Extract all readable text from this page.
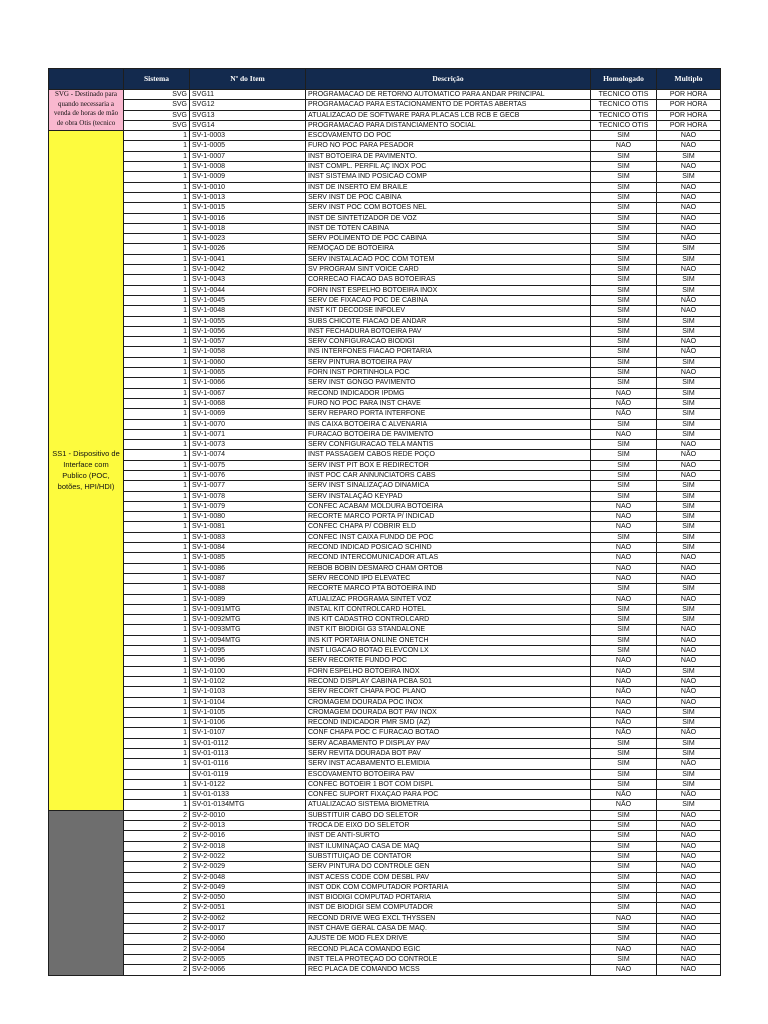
	Sistema	Nº do Item	Descrição	Homologado	Multiplo

SVG - Destinado para quando necessaria a venda de horas de mão de obra Otis (tecnico	SVG	SVG11	PROGRAMACAO DE RETORNO AUTOMATICO PARA ANDAR PRINCIPAL	TECNICO OTIS	POR HORA
	SVG	SVG12	PROGRAMACAO PARA ESTACIONAMENTO DE PORTAS ABERTAS	TECNICO OTIS	POR HORA
	SVG	SVG13	ATUALIZACAO DE SOFTWARE PARA PLACAS LCB RCB E GECB	TECNICO OTIS	POR HORA
	SVG	SVG14	PROGRAMACAO PARA DISTANCIAMENTO SOCIAL	TECNICO OTIS	POR HORA

SS1 - Dispositivo de Interface com Publico (POC, botões, HPI/HDI)	1	SV-1-0003	ESCOVAMENTO DO POC	SIM	NAO
	1	SV-1-0005	FURO NO POC PARA PESADOR	NAO	NAO
	1	SV-1-0007	INST BOTOEIRA DE PAVIMENTO.	SIM	SIM
	1	SV-1-0008	INST COMPL. PERFIL AÇ INOX POC	SIM	NAO
	1	SV-1-0009	INST SISTEMA IND POSICAO COMP	SIM	SIM
	1	SV-1-0010	INST DE INSERTO EM BRAILE	SIM	NAO
	1	SV-1-0013	SERV INST DE POC CABINA	SIM	NAO
	1	SV-1-0015	SERV INST POC COM BOTOES NEL	SIM	NAO
	1	SV-1-0016	INST DE SINTETIZADOR DE VOZ	SIM	NAO
	1	SV-1-0018	INST DE TOTEN CABINA	SIM	NAO
	1	SV-1-0023	SERV POLIMENTO DE POC CABINA	SIM	NÃO
	1	SV-1-0026	REMOÇAO DE BOTOEIRA	SIM	SIM
	1	SV-1-0041	SERV INSTALACAO POC COM TOTEM	SIM	SIM
	1	SV-1-0042	SV PROGRAM SINT VOICE CARD	SIM	NAO
	1	SV-1-0043	CORRECAO FIACAO DAS BOTOEIRAS	SIM	SIM
	1	SV-1-0044	FORN INST ESPELHO BOTOEIRA INOX	SIM	SIM
	1	SV-1-0045	SERV DE FIXACAO POC DE CABINA	SIM	NÃO
	1	SV-1-0048	INST KIT DECODSE INFOLEV	SIM	NAO
	1	SV-1-0055	SUBS CHICOTE FIACAO DE ANDAR	SIM	SIM
	1	SV-1-0056	INST FECHADURA BOTOEIRA PAV	SIM	SIM
	1	SV-1-0057	SERV CONFIGURACAO BIODIGI	SIM	NAO
	1	SV-1-0058	INS INTERFONES FIACAO PORTARIA	SIM	NÃO
	1	SV-1-0060	SERV PINTURA BOTOEIRA PAV	SIM	SIM
	1	SV-1-0065	FORN INST PORTINHOLA POC	SIM	NAO
	1	SV-1-0066	SERV INST GONGO PAVIMENTO	SIM	SIM
	1	SV-1-0067	RECOND INDICADOR IPDMG	NAO	SIM
	1	SV-1-0068	FURO NO POC PARA INST CHAVE	NÃO	SIM
	1	SV-1-0069	SERV REPARO PORTA INTERFONE	NÃO	SIM
	1	SV-1-0070	INS CAIXA BOTOEIRA C ALVENARIA	SIM	SIM
	1	SV-1-0071	FURACAO BOTOEIRA DE PAVIMENTO	NAO	SIM
	1	SV-1-0073	SERV CONFIGURACAO TELA MANTIS	SIM	NAO
	1	SV-1-0074	INST PASSAGEM CABOS REDE POÇO	SIM	NÃO
	1	SV-1-0075	SERV INST PIT BOX E REDIRECTOR	SIM	NAO
	1	SV-1-0076	INST POC CAR ANNUNCIATORS CABS	SIM	NAO
	1	SV-1-0077	SERV INST SINALIZAÇAO DINAMICA	SIM	SIM
	1	SV-1-0078	SERV INSTALAÇÃO KEYPAD	SIM	SIM
	1	SV-1-0079	CONFEC ACABAM MOLDURA BOTOEIRA	NAO	SIM
	1	SV-1-0080	RECORTE MARCO PORTA P/ INDICAD	NAO	SIM
	1	SV-1-0081	CONFEC CHAPA P/ COBRIR ELD	NAO	SIM
	1	SV-1-0083	CONFEC INST CAIXA FUNDO DE POC	SIM	SIM
	1	SV-1-0084	RECOND INDICAD POSICAO SCHIND	NAO	SIM
	1	SV-1-0085	RECOND INTERCOMUNICADOR ATLAS	NAO	NAO
	1	SV-1-0086	REBOB BOBIN DESMARO CHAM ORTOB	NAO	NAO
	1	SV-1-0087	SERV RECOND IPD ELEVATEC	NAO	NAO
	1	SV-1-0088	RECORTE MARCO PTA BOTOEIRA IND	SIM	SIM
	1	SV-1-0089	ATUALIZAC PROGRAMA SINTET VOZ	NAO	NAO
	1	SV-1-0091MTG	INSTAL KIT CONTROLCARD HOTEL	SIM	SIM
	1	SV-1-0092MTG	INS KIT CADASTRO CONTROLCARD	SIM	SIM
	1	SV-1-0093MTG	INST KIT BIODIGI G3 STANDALONE	SIM	NAO
	1	SV-1-0094MTG	INS KIT PORTARIA ONLINE ONETCH	SIM	NAO
	1	SV-1-0095	INST LIGACAO BOTAO ELEVCON LX	SIM	NAO
	1	SV-1-0096	SERV RECORTE FUNDO POC	NAO	NAO
	1	SV-1-0100	FORN ESPELHO BOTOEIRA INOX	NAO	SIM
	1	SV-1-0102	RECOND DISPLAY CABINA PCBA S01	NAO	NAO
	1	SV-1-0103	SERV RECORT CHAPA POC PLANO	NÃO	NÃO
	1	SV-1-0104	CROMAGEM DOURADA POC INOX	NAO	NAO
	1	SV-1-0105	CROMAGEM DOURADA BOT PAV INOX	NAO	SIM
	1	SV-1-0106	RECOND INDICADOR PMR SMD (AZ)	NÃO	SIM
	1	SV-1-0107	CONF CHAPA POC C FURACAO BOTAO	NÃO	NÃO
	1	SV-01-0112	SERV ACABAMENTO P DISPLAY PAV	SIM	SIM
	1	SV-01-0113	SERV REVITA DOURADA BOT PAV	SIM	SIM
	1	SV-01-0116	SERV INST ACABAMENTO ELEMIDIA	SIM	NÃO
		SV-01-0119	ESCOVAMENTO BOTOEIRA PAV	SIM	SIM
	1	SV-1-0122	CONFEC BOTOEIR 1 BOT COM DISPL	SIM	SIM
	1	SV-01-0133	CONFEC SUPORT FIXAÇAO PARA POC	NÃO	NÃO
	1	SV-01-0134MTG	ATUALIZACAO SISTEMA BIOMETRIA	NÃO	SIM

	2	SV-2-0010	SUBSTITUIR CABO DO SELETOR	SIM	NAO
	2	SV-2-0013	TROCA DE EIXO DO SELETOR	SIM	NAO
	2	SV-2-0016	INST DE ANTI-SURTO	SIM	NAO
	2	SV-2-0018	INST ILUMINAÇAO CASA DE MAQ	SIM	NAO
	2	SV-2-0022	SUBSTITUIÇAO DE CONTATOR	SIM	NAO
	2	SV-2-0029	SERV PINTURA DO CONTROLE GEN	SIM	NAO
	2	SV-2-0048	INST ACESS CODE COM DESBL PAV	SIM	NAO
	2	SV-2-0049	INST ODK COM COMPUTADOR PORTARIA	SIM	NAO
	2	SV-2-0050	INST BIODIGI COMPUTAD PORTARIA	SIM	NAO
	2	SV-2-0051	INST DE BIODIGI SEM COMPUTADOR	SIM	NAO
	2	SV-2-0062	RECOND DRIVE WEG EXCL THYSSEN	NAO	NAO
	2	SV-2-0017	INST CHAVE GERAL CASA DE MAQ.	SIM	NAO
	2	SV-2-0060	AJUSTE DE MOD FLEX DRIVE	SIM	NAO
	2	SV-2-0064	RECOND PLACA COMANDO EGIC	NAO	NAO
	2	SV-2-0065	INST TELA PROTEÇAO DO CONTROLE	SIM	NAO
	2	SV-2-0066	REC PLACA DE COMANDO MCSS	NAO	NAO
